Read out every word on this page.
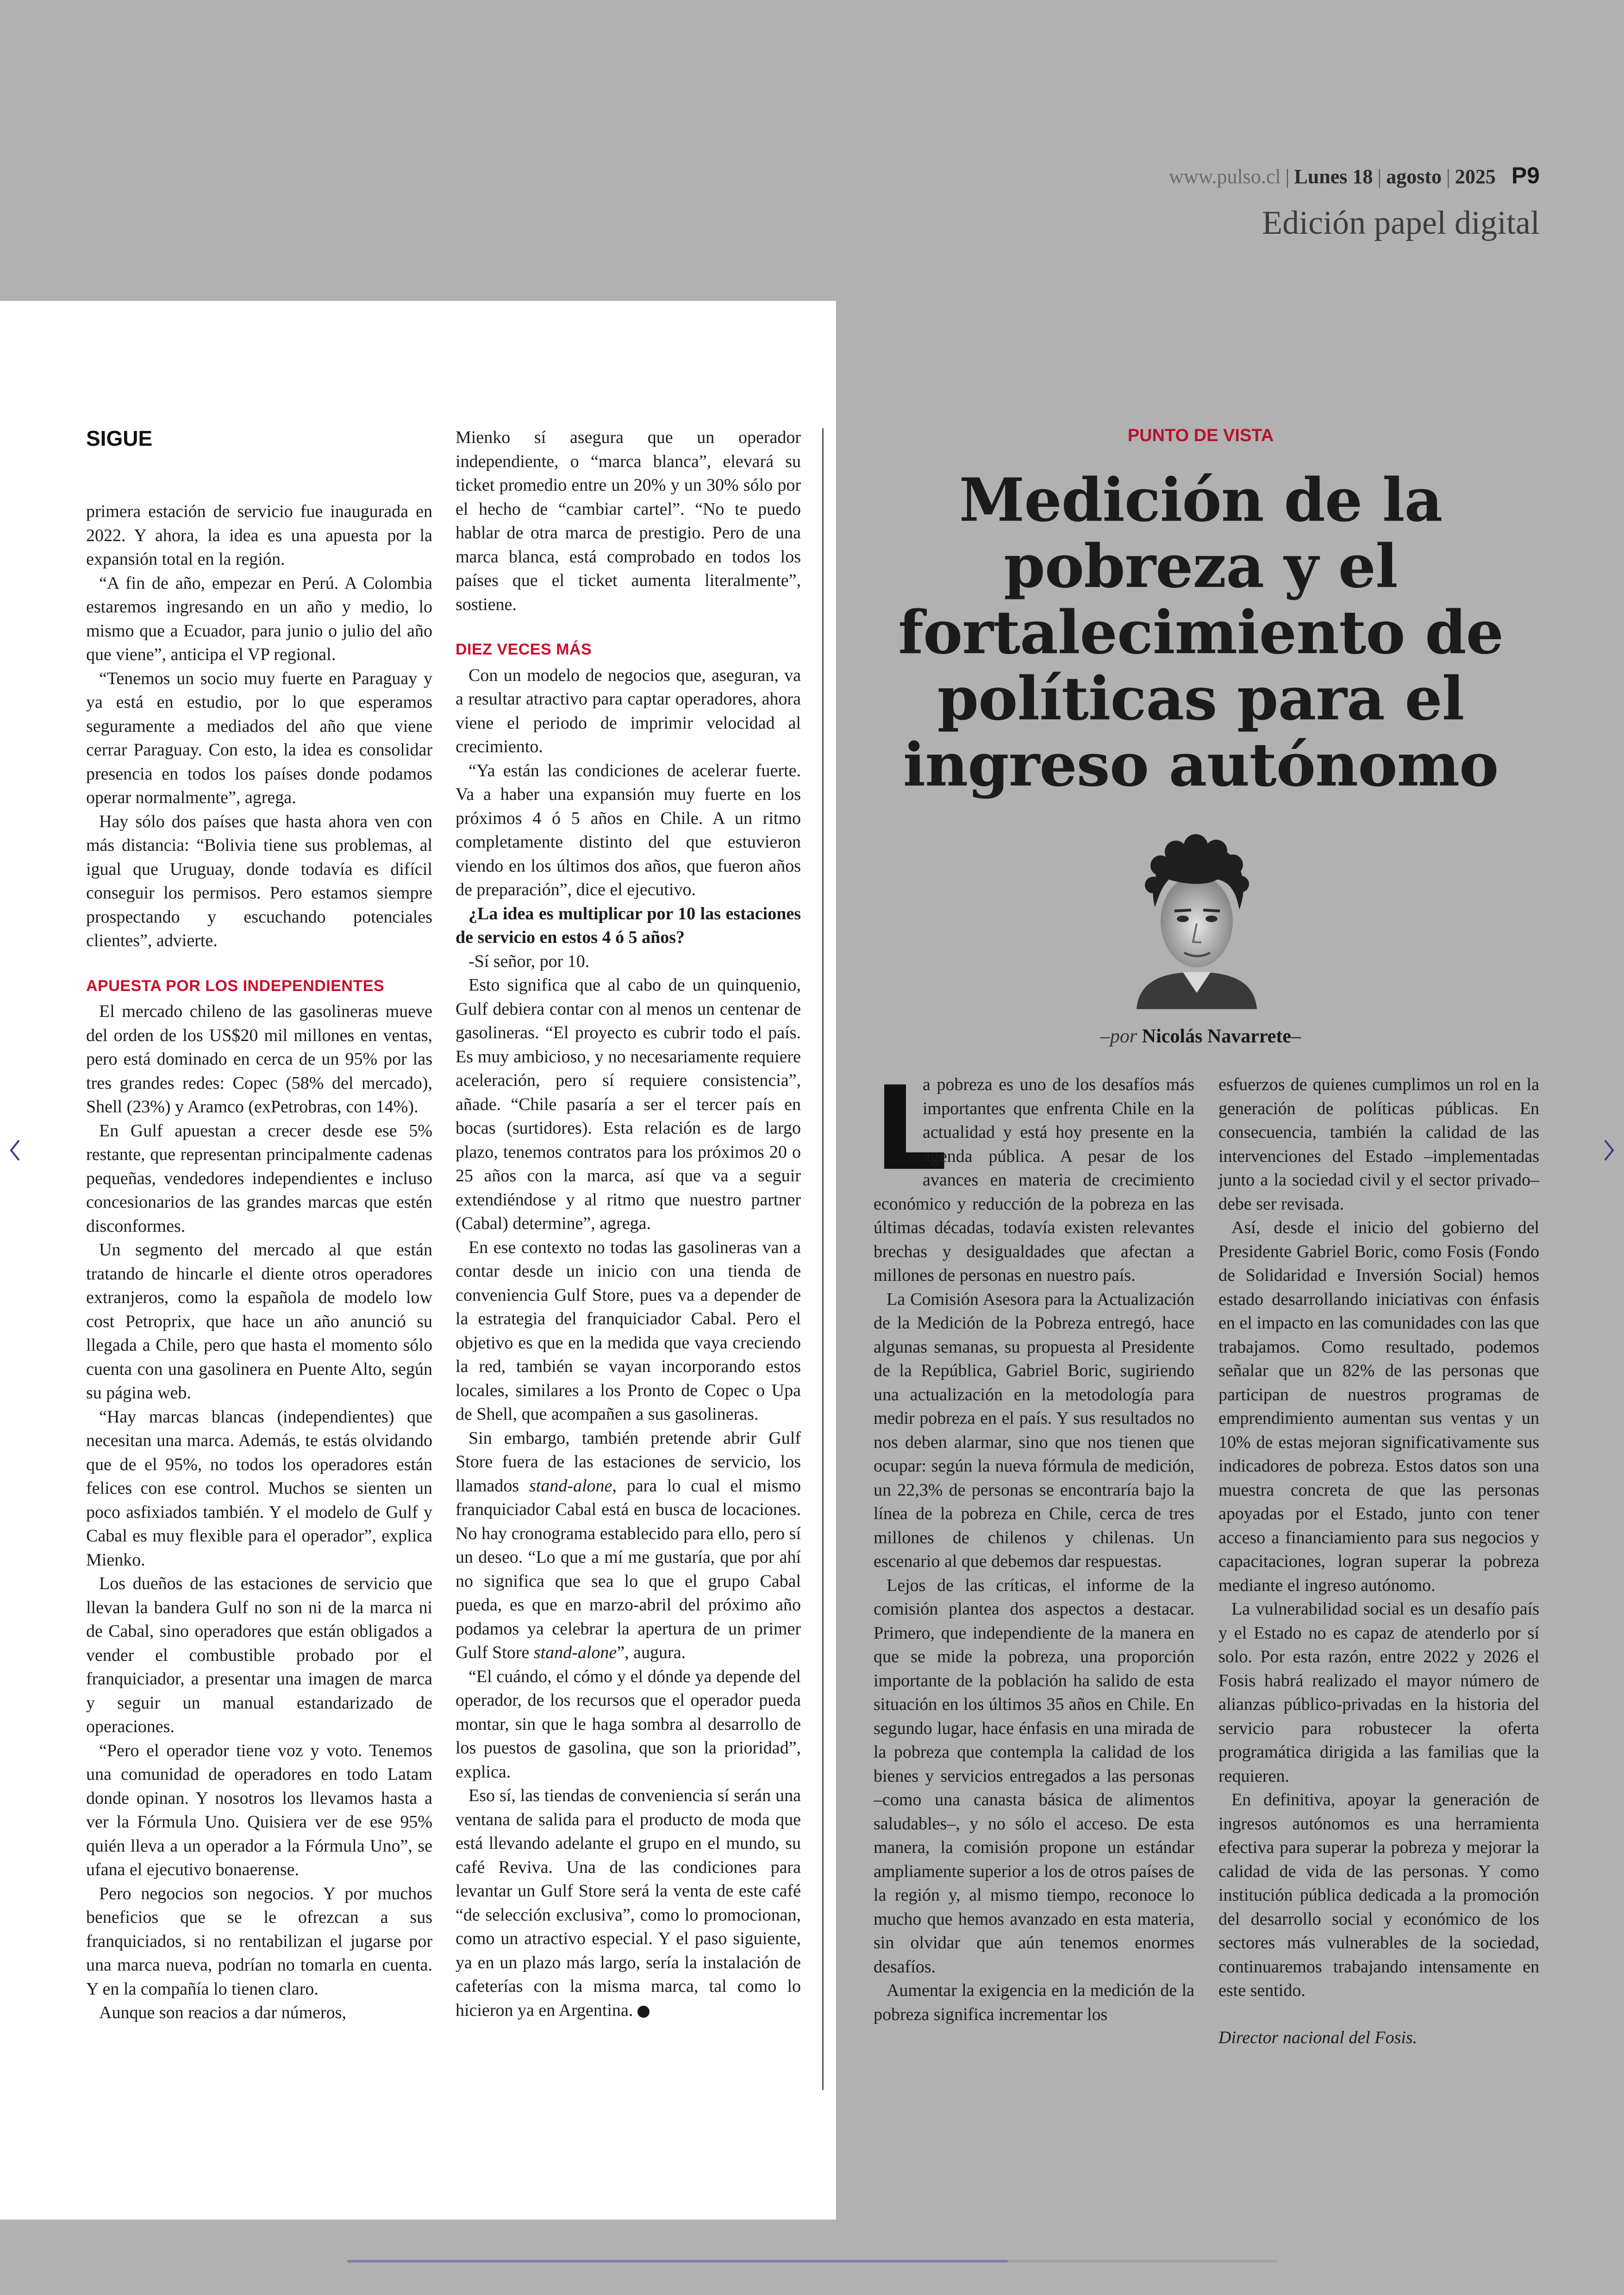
www.pulso.cl | Lunes 18 | agosto | 2025 P9
Edición papel digital
SIGUE

primera estación de servicio fue inaugurada en 2022. Y ahora, la idea es una apuesta por la expansión total en la región.

“A fin de año, empezar en Perú. A Colombia estaremos ingresando en un año y medio, lo mismo que a Ecuador, para junio o julio del año que viene”, anticipa el VP regional.

“Tenemos un socio muy fuerte en Paraguay y ya está en estudio, por lo que esperamos seguramente a mediados del año que viene cerrar Paraguay. Con esto, la idea es consolidar presencia en todos los países donde podamos operar normalmente”, agrega.

Hay sólo dos países que hasta ahora ven con más distancia: “Bolivia tiene sus problemas, al igual que Uruguay, donde todavía es difícil conseguir los permisos. Pero estamos siempre prospectando y escuchando potenciales clientes”, advierte.

APUESTA POR LOS INDEPENDIENTES

El mercado chileno de las gasolineras mueve del orden de los US$20 mil millones en ventas, pero está dominado en cerca de un 95% por las tres grandes redes: Copec (58% del mercado), Shell (23%) y Aramco (exPetrobras, con 14%).

En Gulf apuestan a crecer desde ese 5% restante, que representan principalmente cadenas pequeñas, vendedores independientes e incluso concesionarios de las grandes marcas que estén disconformes.

Un segmento del mercado al que están tratando de hincarle el diente otros operadores extranjeros, como la española de modelo low cost Petroprix, que hace un año anunció su llegada a Chile, pero que hasta el momento sólo cuenta con una gasolinera en Puente Alto, según su página web.

“Hay marcas blancas (independientes) que necesitan una marca. Además, te estás olvidando que de el 95%, no todos los operadores están felices con ese control. Muchos se sienten un poco asfixiados también. Y el modelo de Gulf y Cabal es muy flexible para el operador”, explica Mienko.

Los dueños de las estaciones de servicio que llevan la bandera Gulf no son ni de la marca ni de Cabal, sino operadores que están obligados a vender el combustible probado por el franquiciador, a presentar una imagen de marca y seguir un manual estandarizado de operaciones.

“Pero el operador tiene voz y voto. Tenemos una comunidad de operadores en todo Latam donde opinan. Y nosotros los llevamos hasta a ver la Fórmula Uno. Quisiera ver de ese 95% quién lleva a un operador a la Fórmula Uno”, se ufana el ejecutivo bonaerense.

Pero negocios son negocios. Y por muchos beneficios que se le ofrezcan a sus franquiciados, si no rentabilizan el jugarse por una marca nueva, podrían no tomarla en cuenta. Y en la compañía lo tienen claro.

Aunque son reacios a dar números,

Mienko sí asegura que un operador independiente, o “marca blanca”, elevará su ticket promedio entre un 20% y un 30% sólo por el hecho de “cambiar cartel”. “No te puedo hablar de otra marca de prestigio. Pero de una marca blanca, está comprobado en todos los países que el ticket aumenta literalmente”, sostiene.

DIEZ VECES MÁS

Con un modelo de negocios que, aseguran, va a resultar atractivo para captar operadores, ahora viene el periodo de imprimir velocidad al crecimiento.

“Ya están las condiciones de acelerar fuerte. Va a haber una expansión muy fuerte en los próximos 4 ó 5 años en Chile. A un ritmo completamente distinto del que estuvieron viendo en los últimos dos años, que fueron años de preparación”, dice el ejecutivo.

¿La idea es multiplicar por 10 las estaciones de servicio en estos 4 ó 5 años?

-Sí señor, por 10.

Esto significa que al cabo de un quinquenio, Gulf debiera contar con al menos un centenar de gasolineras. “El proyecto es cubrir todo el país. Es muy ambicioso, y no necesariamente requiere aceleración, pero sí requiere consistencia”, añade. “Chile pasaría a ser el tercer país en bocas (surtidores). Esta relación es de largo plazo, tenemos contratos para los próximos 20 o 25 años con la marca, así que va a seguir extendiéndose y al ritmo que nuestro partner (Cabal) determine”, agrega.

En ese contexto no todas las gasolineras van a contar desde un inicio con una tienda de conveniencia Gulf Store, pues va a depender de la estrategia del franquiciador Cabal. Pero el objetivo es que en la medida que vaya creciendo la red, también se vayan incorporando estos locales, similares a los Pronto de Copec o Upa de Shell, que acompañen a sus gasolineras.

Sin embargo, también pretende abrir Gulf Store fuera de las estaciones de servicio, los llamados stand-alone, para lo cual el mismo franquiciador Cabal está en busca de locaciones. No hay cronograma establecido para ello, pero sí un deseo. “Lo que a mí me gustaría, que por ahí no significa que sea lo que el grupo Cabal pueda, es que en marzo-abril del próximo año podamos ya celebrar la apertura de un primer Gulf Store stand-alone”, augura.

“El cuándo, el cómo y el dónde ya depende del operador, de los recursos que el operador pueda montar, sin que le haga sombra al desarrollo de los puestos de gasolina, que son la prioridad”, explica.

Eso sí, las tiendas de conveniencia sí serán una ventana de salida para el producto de moda que está llevando adelante el grupo en el mundo, su café Reviva. Una de las condiciones para levantar un Gulf Store será la venta de este café “de selección exclusiva”, como lo promocionan, como un atractivo especial. Y el paso siguiente, ya en un plazo más largo, sería la instalación de cafeterías con la misma marca, tal como lo hicieron ya en Argentina. P

PUNTO DE VISTA
Medición de la pobreza y el fortalecimiento de políticas para el ingreso autónomo
–por Nicolás Navarrete–

L
a pobreza es uno de los desafíos más importantes que enfrenta Chile en la actualidad y está hoy presente en la agenda pública. A pesar de los avances en materia de crecimiento económico y reducción de la pobreza en las últimas décadas, todavía existen relevantes brechas y desigualdades que afectan a millones de personas en nuestro país.

La Comisión Asesora para la Actualización de la Medición de la Pobreza entregó, hace algunas semanas, su propuesta al Presidente de la República, Gabriel Boric, sugiriendo una actualización en la metodología para medir pobreza en el país. Y sus resultados no nos deben alarmar, sino que nos tienen que ocupar: según la nueva fórmula de medición, un 22,3% de personas se encontraría bajo la línea de la pobreza en Chile, cerca de tres millones de chilenos y chilenas. Un escenario al que debemos dar respuestas.

Lejos de las críticas, el informe de la comisión plantea dos aspectos a destacar. Primero, que independiente de la manera en que se mide la pobreza, una proporción importante de la población ha salido de esta situación en los últimos 35 años en Chile. En segundo lugar, hace énfasis en una mirada de la pobreza que contempla la calidad de los bienes y servicios entregados a las personas –como una canasta básica de alimentos saludables–, y no sólo el acceso. De esta manera, la comisión propone un estándar ampliamente superior a los de otros países de la región y, al mismo tiempo, reconoce lo mucho que hemos avanzado en esta materia, sin olvidar que aún tenemos enormes desafíos.

Aumentar la exigencia en la medición de la pobreza significa incrementar los

esfuerzos de quienes cumplimos un rol en la generación de políticas públicas. En consecuencia, también la calidad de las intervenciones del Estado –implementadas junto a la sociedad civil y el sector privado– debe ser revisada.

Así, desde el inicio del gobierno del Presidente Gabriel Boric, como Fosis (Fondo de Solidaridad e Inversión Social) hemos estado desarrollando iniciativas con énfasis en el impacto en las comunidades con las que trabajamos. Como resultado, podemos señalar que un 82% de las personas que participan de nuestros programas de emprendimiento aumentan sus ventas y un 10% de estas mejoran significativamente sus indicadores de pobreza. Estos datos son una muestra concreta de que las personas apoyadas por el Estado, junto con tener acceso a financiamiento para sus negocios y capacitaciones, logran superar la pobreza mediante el ingreso autónomo.

La vulnerabilidad social es un desafío país y el Estado no es capaz de atenderlo por sí solo. Por esta razón, entre 2022 y 2026 el Fosis habrá realizado el mayor número de alianzas público-privadas en la historia del servicio para robustecer la oferta programática dirigida a las familias que la requieren.

En definitiva, apoyar la generación de ingresos autónomos es una herramienta efectiva para superar la pobreza y mejorar la calidad de vida de las personas. Y como institución pública dedicada a la promoción del desarrollo social y económico de los sectores más vulnerables de la sociedad, continuaremos trabajando intensamente en este sentido.

Director nacional del Fosis.
